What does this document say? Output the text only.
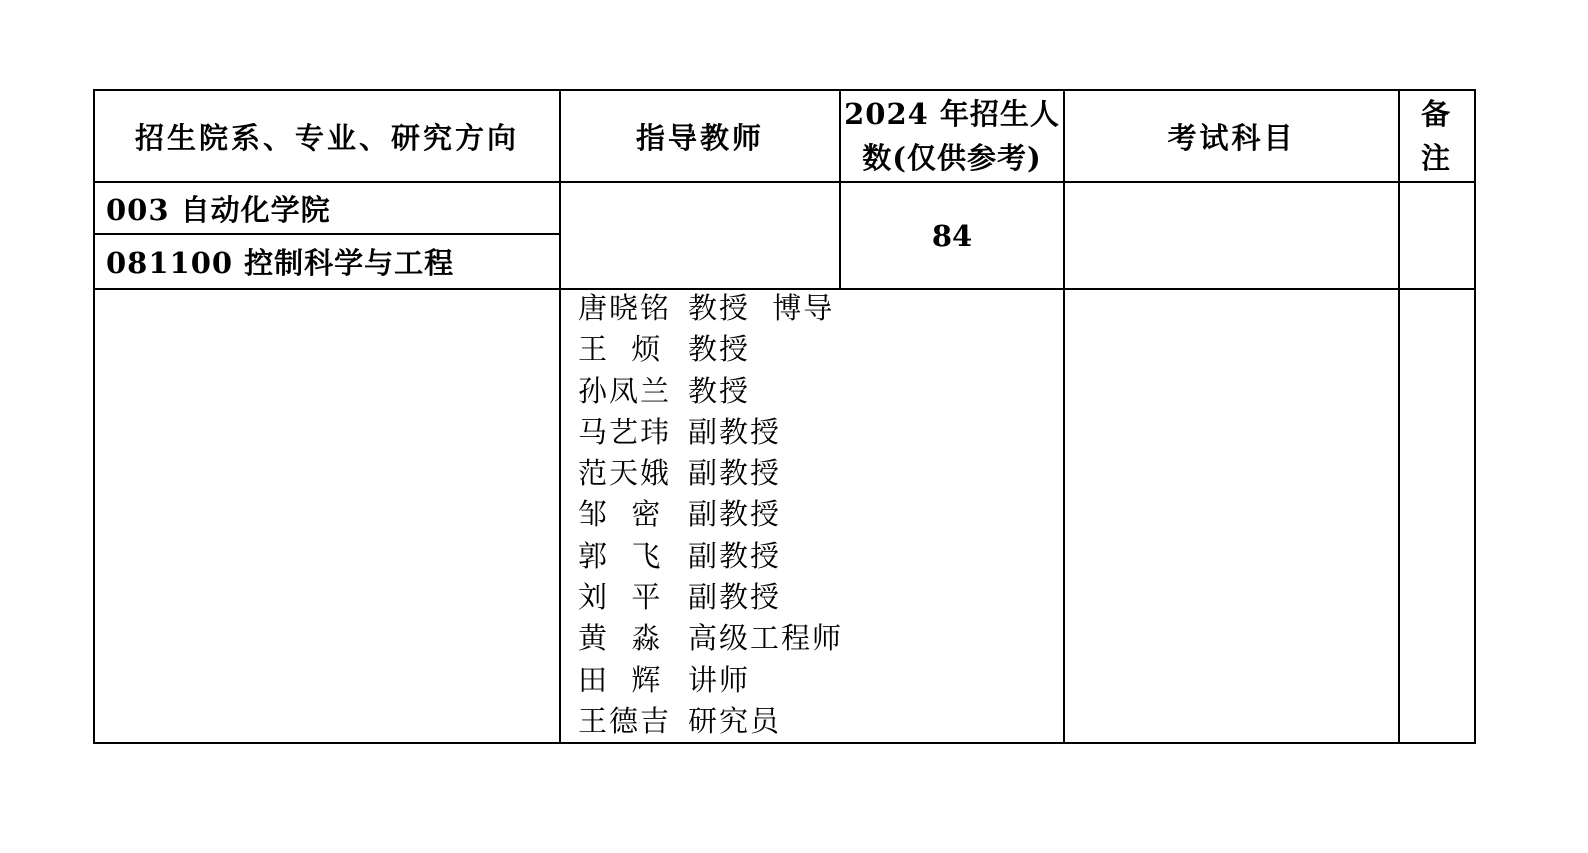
招生院系、专业、研究方向	指导教师
2024 年招生人
数(仅供参考)
考试科目
备
注
003 自动化学院
081100 控制科学与工程
84
唐晓铭 教授  博导
王  烦 教授
孙凤兰 教授
马艺玮 副教授
范天娥 副教授
邹  密 副教授
郭  飞 副教授
刘  平 副教授
黄  淼 高级工程师
田  辉 讲师
王德吉 研究员
